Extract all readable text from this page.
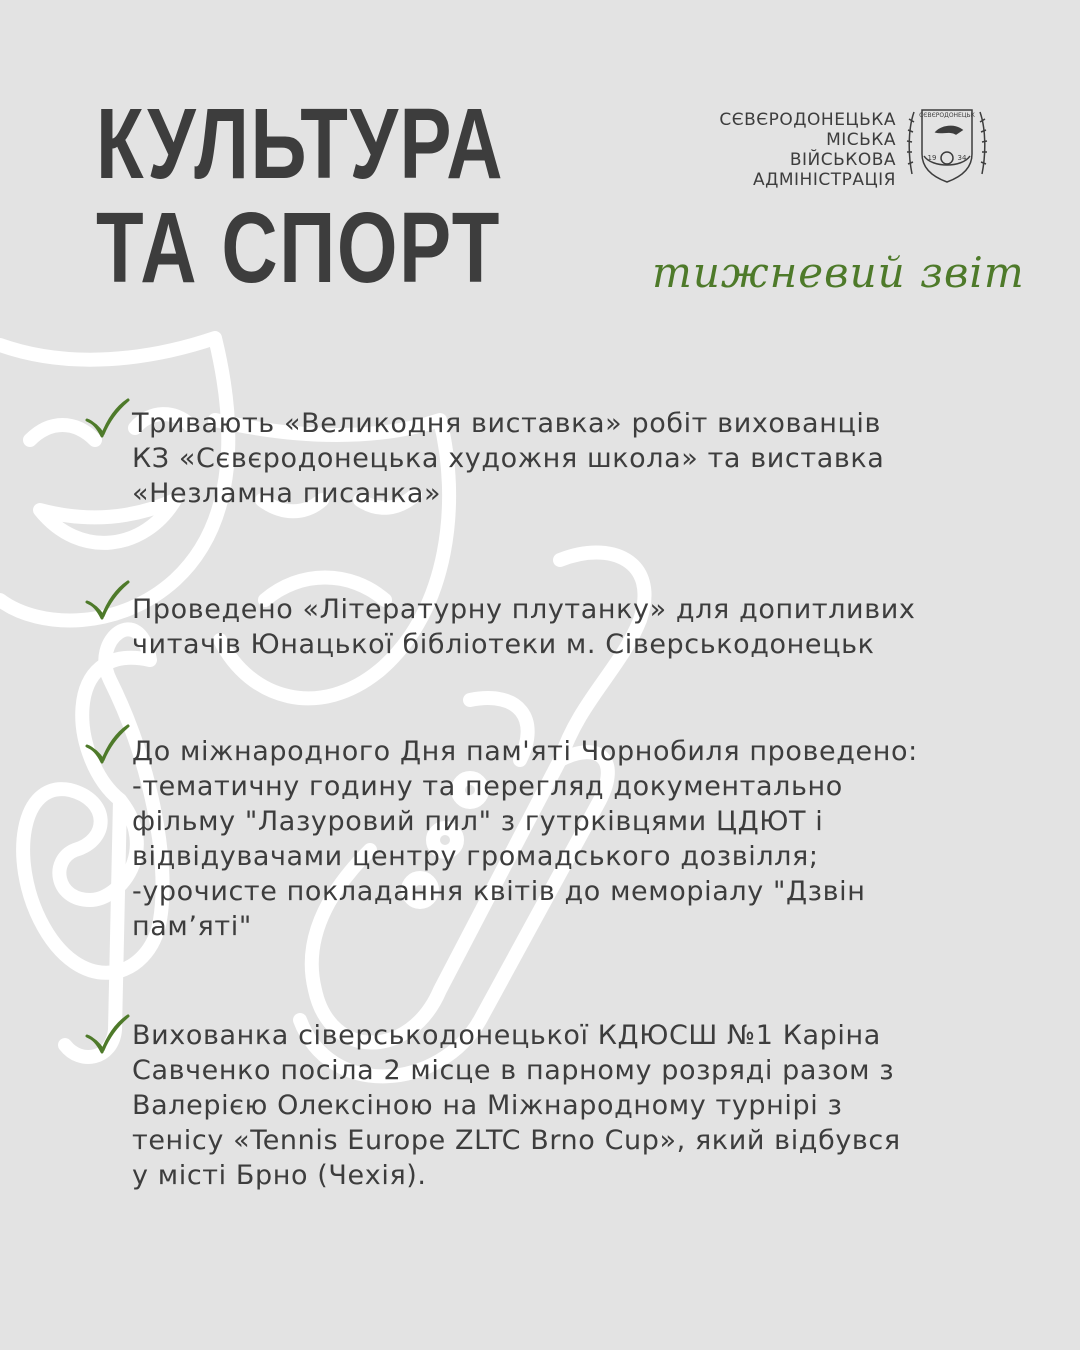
КУЛЬТУРА
ТА СПОРТ
СЄВЄРОДОНЕЦЬКА
МІСЬКА
ВІЙСЬКОВА
АДМІНІСТРАЦІЯ
СЄВЄРОДОНЕЦЬК
19	34
тижневий звіт
Тривають «Великодня виставка» робіт вихованців
КЗ «Сєвєродонецька художня школа» та виставка
«Незламна писанка»
Проведено «Літературну плутанку» для допитливих
читачів Юнацької бібліотеки м. Сіверськодонецьк
До міжнародного Дня пам'яті Чорнобиля проведено:
-тематичну годину та перегляд документально
фільму "Лазуровий пил" з гутрківцями ЦДЮТ і
відвідувачами центру громадського дозвілля;
-урочисте покладання квітів до меморіалу "Дзвін
пам’яті"
Вихованка сіверськодонецької КДЮСШ №1 Каріна
Савченко посіла 2 місце в парному розряді разом з
Валерією Олексіною на Міжнародному турнірі з
тенісу «Tennis Europe ZLTC Brno Cup», який відбувся
у місті Брно (Чехія).
